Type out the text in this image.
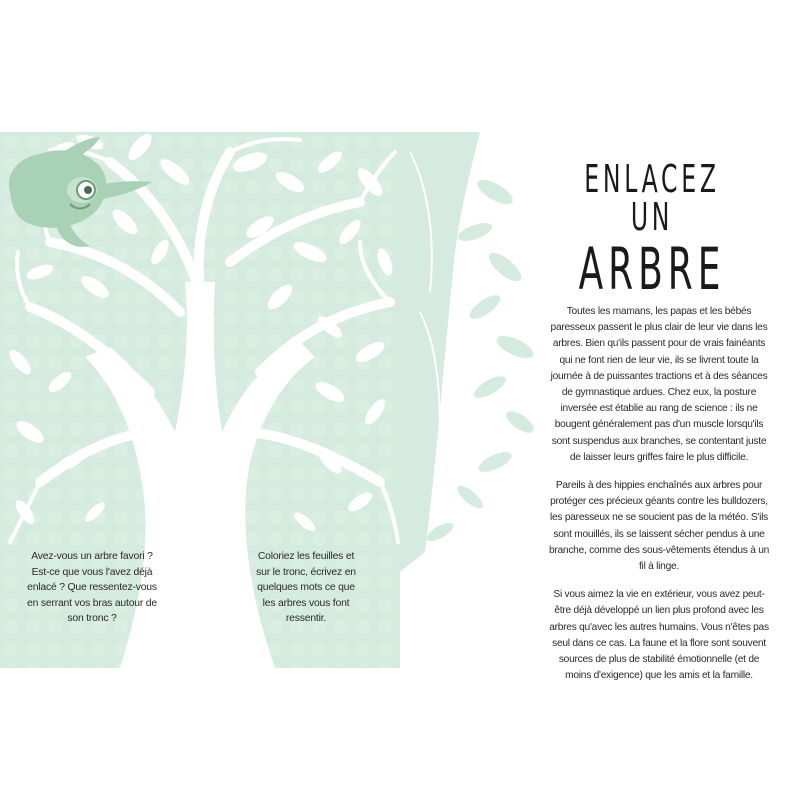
ENLACEZ UN
ARBRE

Toutes les mamans, les papas et les bébés paresseux passent le plus clair de leur vie dans les arbres. Bien qu'ils passent pour de vrais fainéants qui ne font rien de leur vie, ils se livrent toute la journée à de puissantes tractions et à des séances de gymnastique ardues. Chez eux, la posture inversée est établie au rang de science : ils ne bougent généralement pas d'un muscle lorsqu'ils sont suspendus aux branches, se contentant juste de laisser leurs griffes faire le plus difficile.

Pareils à des hippies enchaînés aux arbres pour protéger ces précieux géants contre les bulldozers, les paresseux ne se soucient pas de la météo. S'ils sont mouillés, ils se laissent sécher pendus à une branche, comme des sous-vêtements étendus à un fil à linge.

Si vous aimez la vie en extérieur, vous avez peut-être déjà développé un lien plus profond avec les arbres qu'avec les autres humains. Vous n'êtes pas seul dans ce cas. La faune et la flore sont souvent sources de plus de stabilité émotionnelle (et de moins d'exigence) que les amis et la famille.

Avez-vous un arbre favori ? Est-ce que vous l'avez déjà enlacé ? Que ressentez-vous en serrant vos bras autour de son tronc ?
Coloriez les feuilles et sur le tronc, écrivez en quelques mots ce que les arbres vous font ressentir.
